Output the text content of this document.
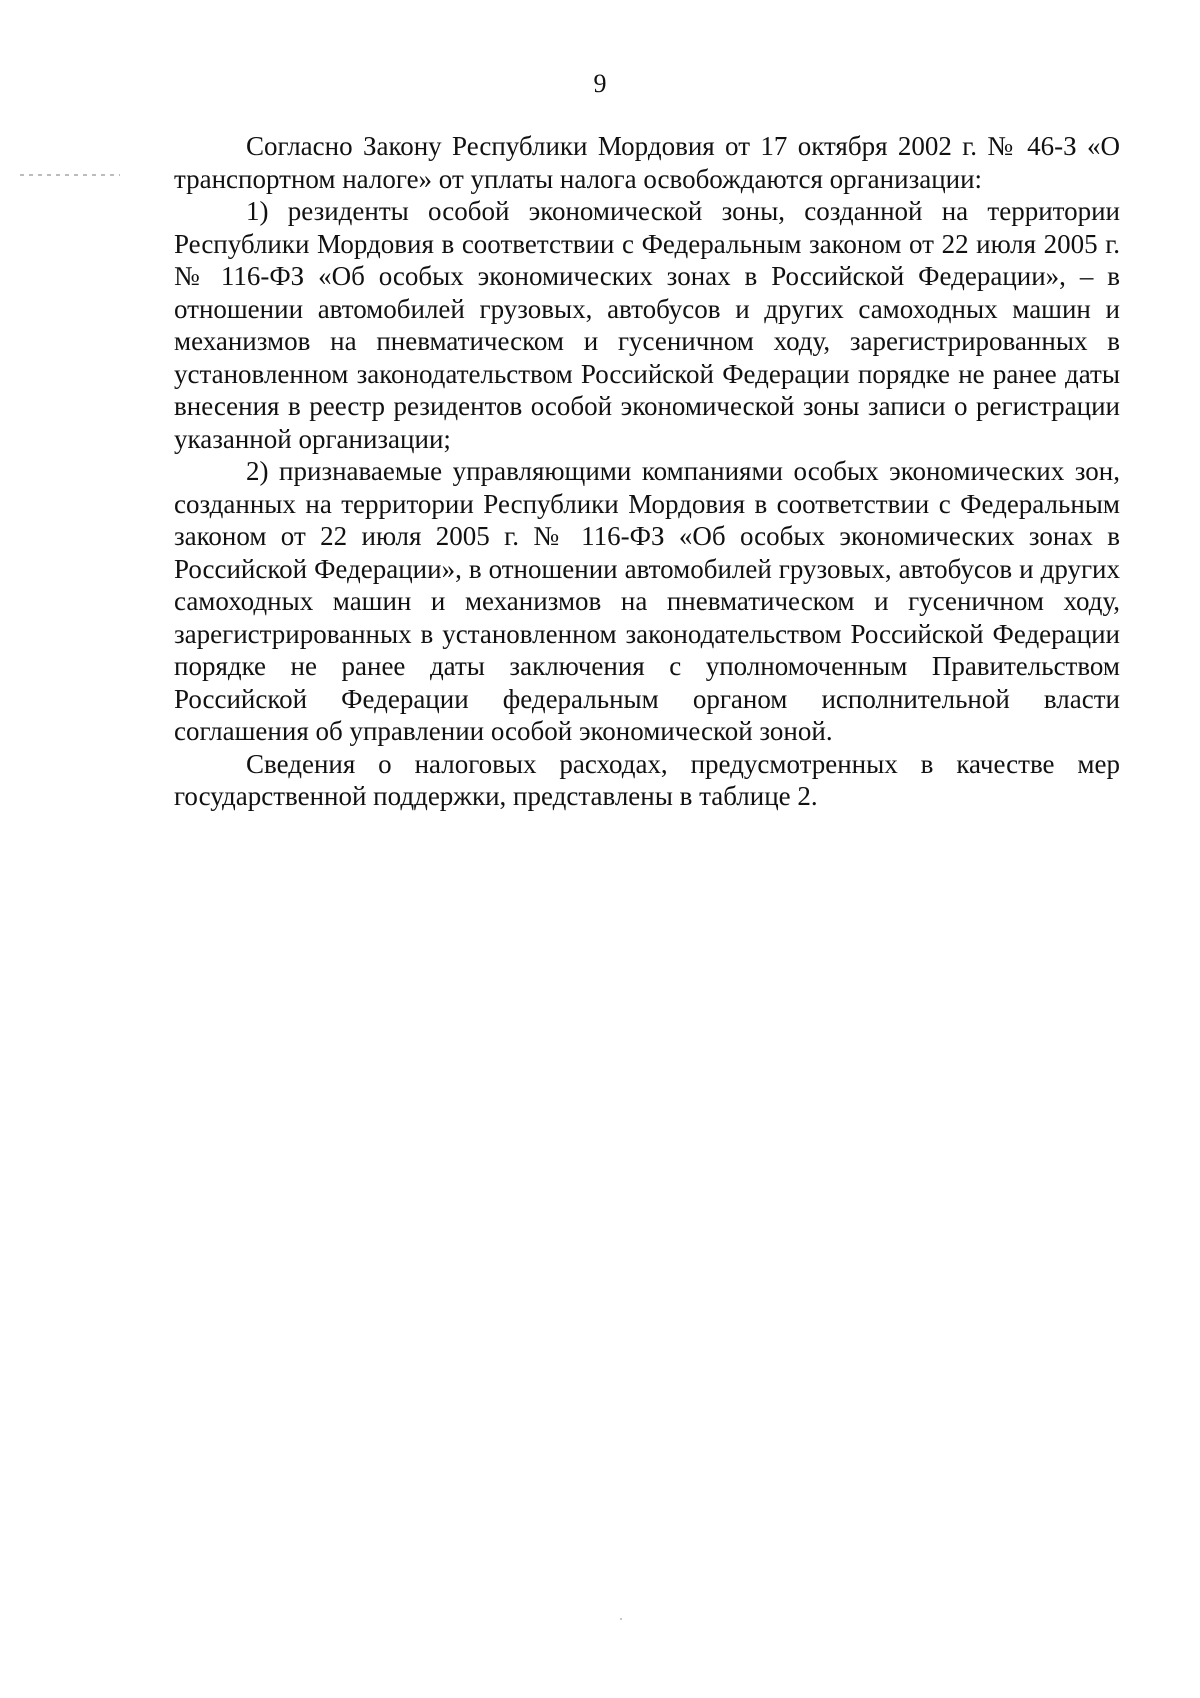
9

Согласно Закону Республики Мордовия от 17 октября 2002 г. № 46-З «О транспортном налоге» от уплаты налога освобождаются организации:

1) резиденты особой экономической зоны, созданной на территории Республики Мордовия в соответствии с Федеральным законом от 22 июля 2005 г. № 116-ФЗ «Об особых экономических зонах в Российской Федерации», – в отношении автомобилей грузовых, автобусов и других самоходных машин и механизмов на пневматическом и гусеничном ходу, зарегистрированных в установленном законодательством Российской Федерации порядке не ранее даты внесения в реестр резидентов особой экономической зоны записи о регистрации указанной организации;

2) признаваемые управляющими компаниями особых экономических зон, созданных на территории Республики Мордовия в соответствии с Федеральным законом от 22 июля 2005 г. № 116-ФЗ «Об особых экономических зонах в Российской Федерации», в отношении автомобилей грузовых, автобусов и других самоходных машин и механизмов на пневматическом и гусеничном ходу, зарегистрированных в установленном законодательством Российской Федерации порядке не ранее даты заключения с уполномоченным Правительством Российской Федерации федеральным органом исполнительной власти соглашения об управлении особой экономической зоной.

Сведения о налоговых расходах, предусмотренных в качестве мер государственной поддержки, представлены в таблице 2.
